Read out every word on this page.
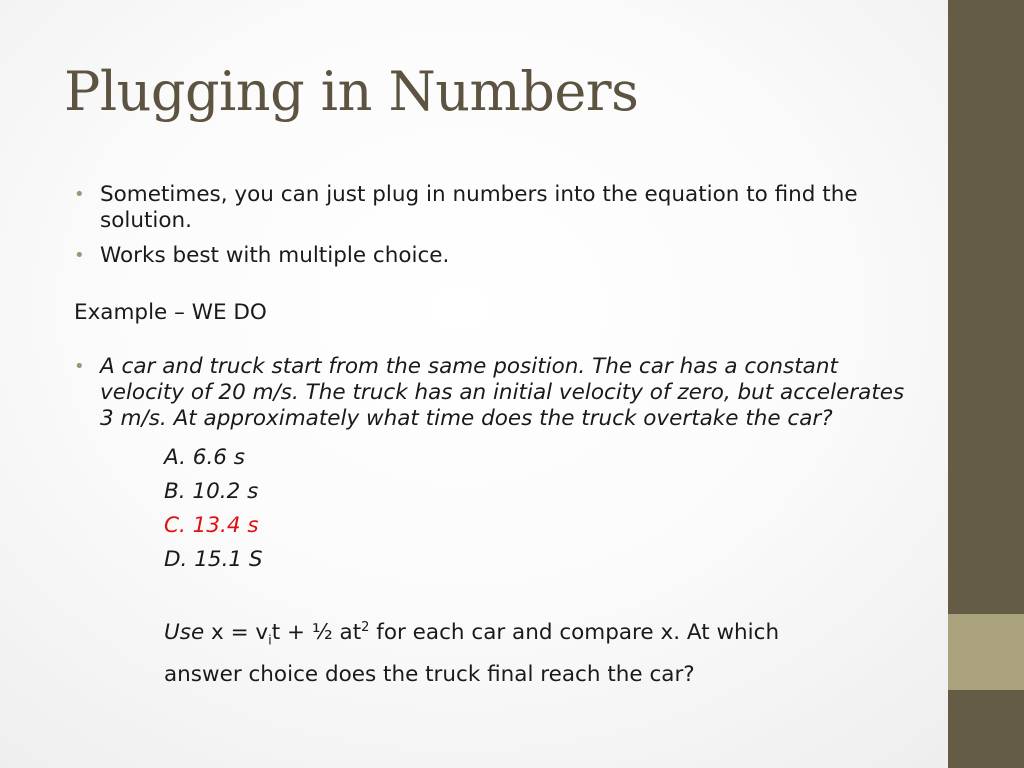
Plugging in Numbers
• Sometimes, you can just plug in numbers into the equation to find the solution.
• Works best with multiple choice.

Example – WE DO

• A car and truck start from the same position. The car has a constant velocity of 20 m/s. The truck has an initial velocity of zero, but accelerates 3 m/s. At approximately what time does the truck overtake the car?
A. 6.6 s
B. 10.2 s
C. 13.4 s
D. 15.1 S
Use $x = v_it$ + ½ $at^2$ for each car and compare x. At which
answer choice does the truck final reach the car?
